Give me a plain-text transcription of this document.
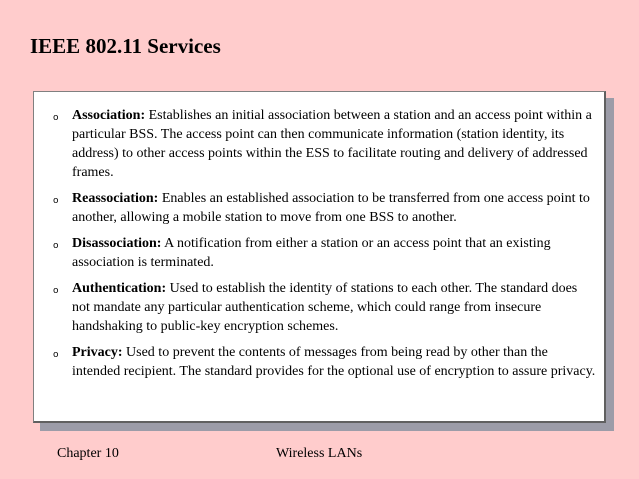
IEEE 802.11 Services
o Association: Establishes an initial association between a station and an access point within a particular BSS. The access point can then communicate information (station identity, its address) to other access points within the ESS to facilitate routing and delivery of addressed frames.
o Reassociation: Enables an established association to be transferred from one access point to another, allowing a mobile station to move from one BSS to another.
o Disassociation: A notification from either a station or an access point that an existing association is terminated.
o Authentication: Used to establish the identity of stations to each other. The standard does not mandate any particular authentication scheme, which could range from insecure handshaking to public-key encryption schemes.
o Privacy: Used to prevent the contents of messages from being read by other than the intended recipient. The standard provides for the optional use of encryption to assure privacy.
Chapter 10	Wireless LANs
